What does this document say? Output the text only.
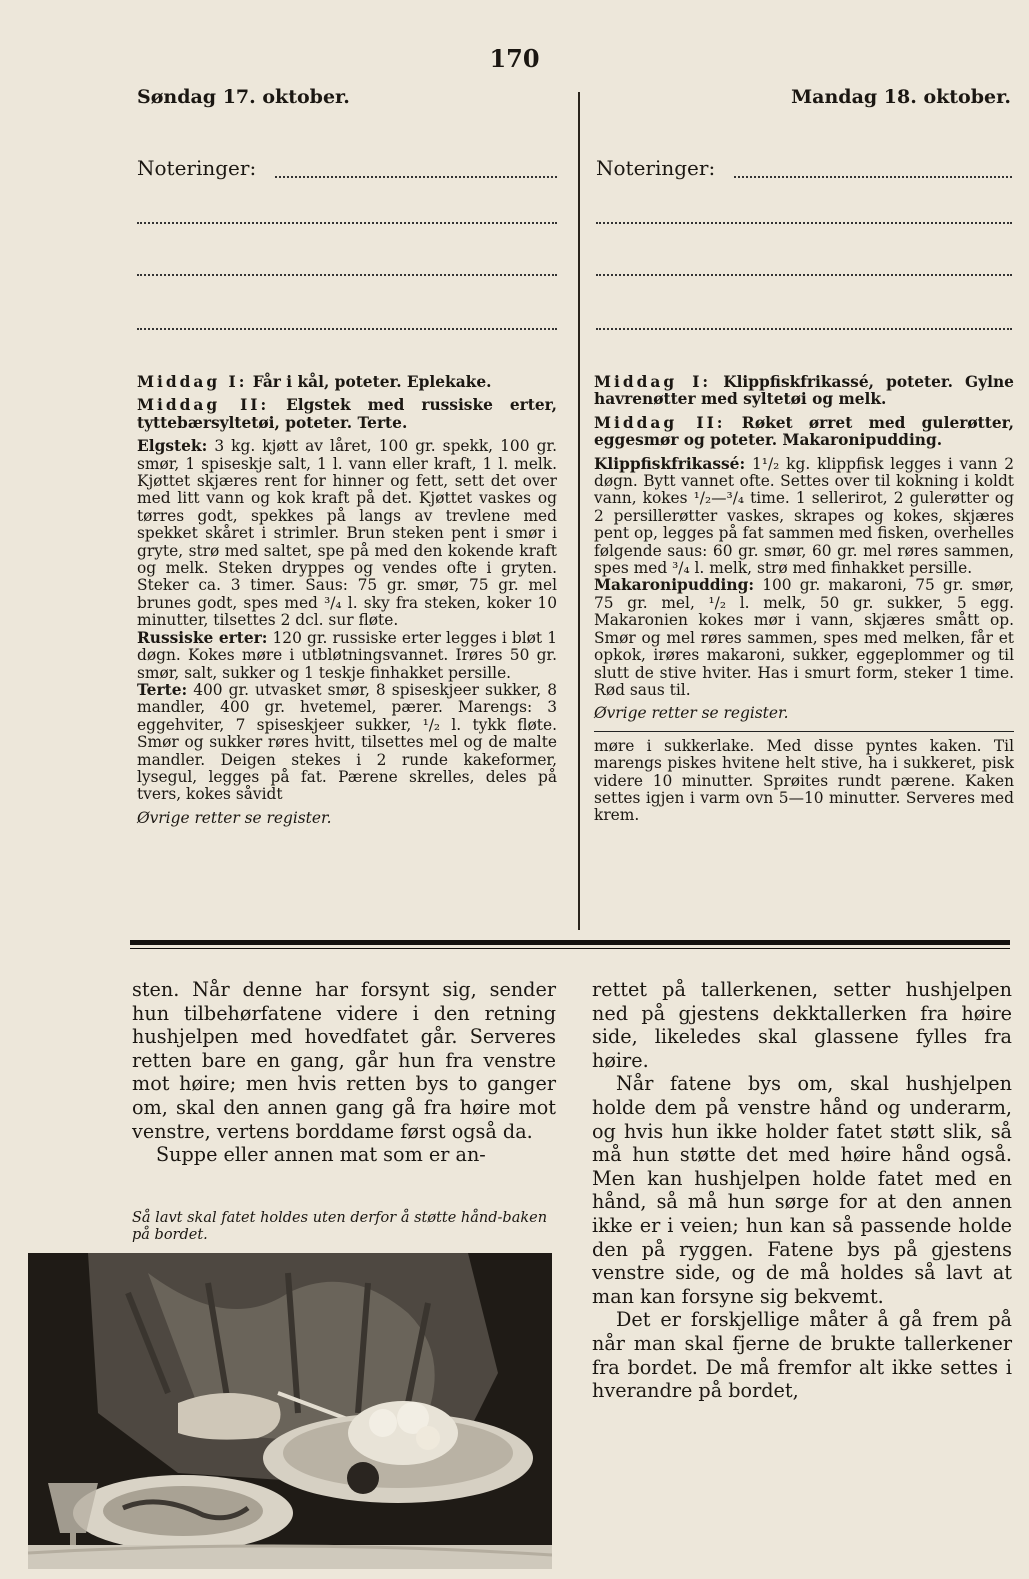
170
Søndag 17. oktober.	Mandag 18. oktober.
Noteringer:	Noteringer:

Middag I: Får i kål, poteter. Eplekake.

Middag II: Elgstek med russiske erter, tyttebærsyltetøi, poteter. Terte.

Elgstek: 3 kg. kjøtt av låret, 100 gr. spekk, 100 gr. smør, 1 spiseskje salt, 1 l. vann eller kraft, 1 l. melk. Kjøttet skjæres rent for hinner og fett, sett det over med litt vann og kok kraft på det. Kjøttet vaskes og tørres godt, spekkes på langs av trevlene med spekket skåret i strimler. Brun steken pent i smør i gryte, strø med saltet, spe på med den kokende kraft og melk. Steken dryppes og vendes ofte i gryten. Steker ca. 3 timer. Saus: 75 gr. smør, 75 gr. mel brunes godt, spes med ³/₄ l. sky fra steken, koker 10 minutter, tilsettes 2 dcl. sur fløte.

Russiske erter: 120 gr. russiske erter legges i bløt 1 døgn. Kokes møre i utbløtningsvannet. Irøres 50 gr. smør, salt, sukker og 1 teskje finhakket persille.

Terte: 400 gr. utvasket smør, 8 spiseskjeer sukker, 8 mandler, 400 gr. hvetemel, pærer. Marengs: 3 eggehviter, 7 spiseskjeer sukker, ¹/₂ l. tykk fløte. Smør og sukker røres hvitt, tilsettes mel og de malte mandler. Deigen stekes i 2 runde kakeformer, lysegul, legges på fat. Pærene skrelles, deles på tvers, kokes såvidt

Øvrige retter se register.

Middag I: Klippfiskfrikassé, poteter. Gylne havrenøtter med syltetøi og melk.

Middag II: Røket ørret med gulerøtter, eggesmør og poteter. Makaronipudding.

Klippfiskfrikassé: 1¹/₂ kg. klippfisk legges i vann 2 døgn. Bytt vannet ofte. Settes over til kokning i koldt vann, kokes ¹/₂—³/₄ time. 1 sellerirot, 2 gulerøtter og 2 persillerøtter vaskes, skrapes og kokes, skjæres pent op, legges på fat sammen med fisken, overhelles følgende saus: 60 gr. smør, 60 gr. mel røres sammen, spes med ³/₄ l. melk, strø med finhakket persille.

Makaronipudding: 100 gr. makaroni, 75 gr. smør, 75 gr. mel, ¹/₂ l. melk, 50 gr. sukker, 5 egg. Makaronien kokes mør i vann, skjæres smått op. Smør og mel røres sammen, spes med melken, får et opkok, irøres makaroni, sukker, eggeplommer og til slutt de stive hviter. Has i smurt form, steker 1 time. Rød saus til.

Øvrige retter se register.

møre i sukkerlake. Med disse pyntes kaken. Til marengs piskes hvitene helt stive, ha i sukkeret, pisk videre 10 minutter. Sprøites rundt pærene. Kaken settes igjen i varm ovn 5—10 minutter. Serveres med krem.

sten. Når denne har forsynt sig, sender hun tilbehørfatene videre i den retning hushjelpen med hovedfatet går. Serveres retten bare en gang, går hun fra venstre mot høire; men hvis retten bys to ganger om, skal den annen gang gå fra høire mot venstre, vertens borddame først også da.

Suppe eller annen mat som er an-

Så lavt skal fatet holdes uten derfor å støtte hånd-baken på bordet.

rettet på tallerkenen, setter hushjelpen ned på gjestens dekktallerken fra høire side, likeledes skal glassene fylles fra høire.

Når fatene bys om, skal hushjelpen holde dem på venstre hånd og underarm, og hvis hun ikke holder fatet støtt slik, så må hun støtte det med høire hånd også. Men kan hushjelpen holde fatet med en hånd, så må hun sørge for at den annen ikke er i veien; hun kan så passende holde den på ryggen. Fatene bys på gjestens venstre side, og de må holdes så lavt at man kan forsyne sig bekvemt.

Det er forskjellige måter å gå frem på når man skal fjerne de brukte tallerkener fra bordet. De må fremfor alt ikke settes i hverandre på bordet,
